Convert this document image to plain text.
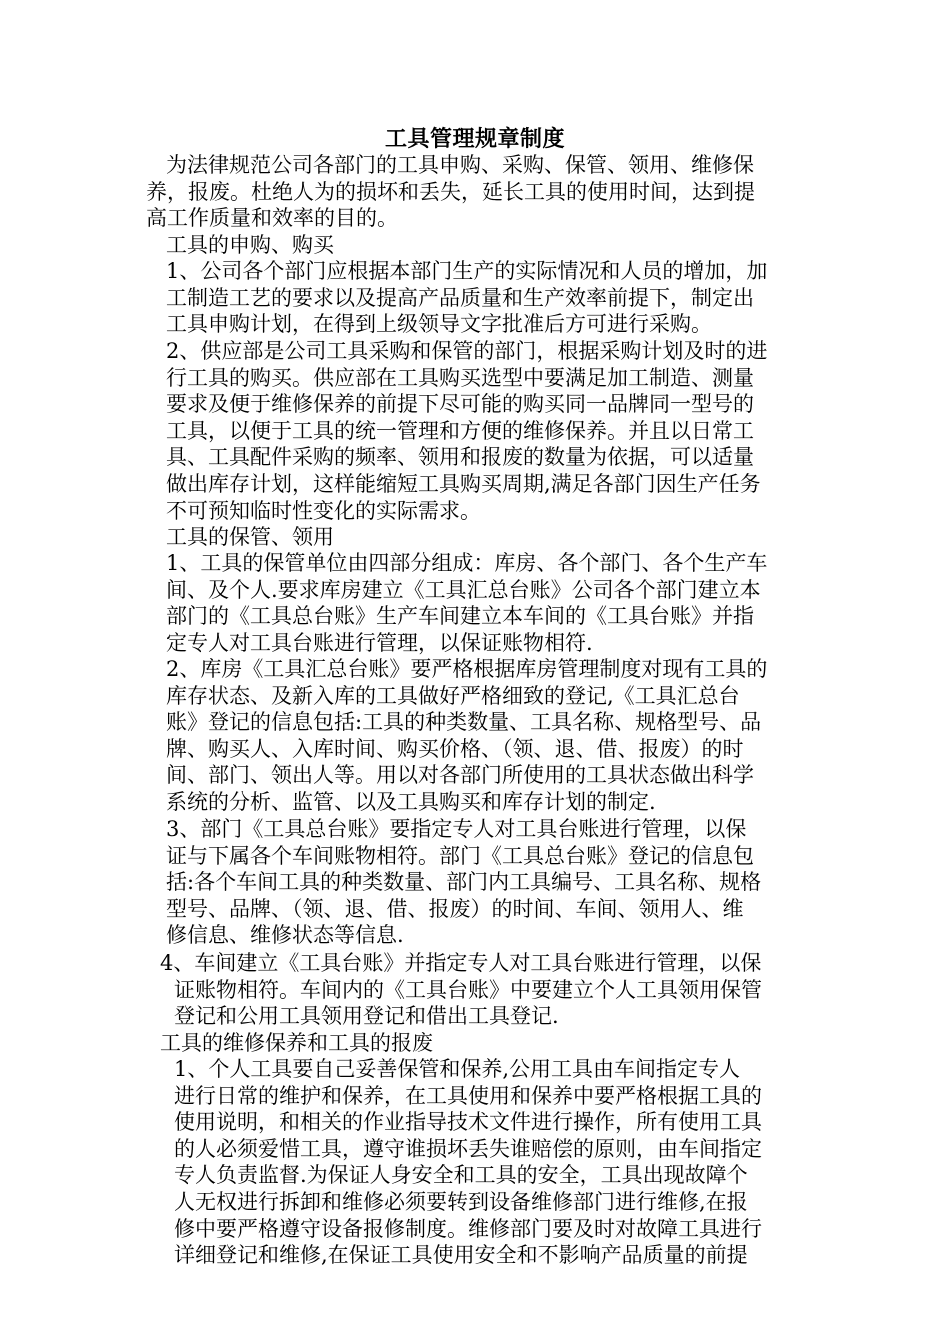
工具管理规章制度
为法律规范公司各部门的工具申购、采购、保管、领用、维修保
养，报废。杜绝人为的损坏和丢失，延长工具的使用时间，达到提
高工作质量和效率的目的。
工具的申购、购买
1、公司各个部门应根据本部门生产的实际情况和人员的增加，加
工制造工艺的要求以及提高产品质量和生产效率前提下，制定出
工具申购计划，在得到上级领导文字批准后方可进行采购。
2、供应部是公司工具采购和保管的部门，根据采购计划及时的进
行工具的购买。供应部在工具购买选型中要满足加工制造、测量
要求及便于维修保养的前提下尽可能的购买同一品牌同一型号的
工具，以便于工具的统一管理和方便的维修保养。并且以日常工
具、工具配件采购的频率、领用和报废的数量为依据，可以适量
做出库存计划，这样能缩短工具购买周期,满足各部门因生产任务
不可预知临时性变化的实际需求。
工具的保管、领用
1、工具的保管单位由四部分组成：库房、各个部门、各个生产车
间、及个人.要求库房建立《工具汇总台账》公司各个部门建立本
部门的《工具总台账》生产车间建立本车间的《工具台账》并指
定专人对工具台账进行管理，以保证账物相符.
2、库房《工具汇总台账》要严格根据库房管理制度对现有工具的
库存状态、及新入库的工具做好严格细致的登记,《工具汇总台
账》登记的信息包括:工具的种类数量、工具名称、规格型号、品
牌、购买人、入库时间、购买价格、（领、退、借、报废）的时
间、部门、领出人等。用以对各部门所使用的工具状态做出科学
系统的分析、监管、以及工具购买和库存计划的制定.
3、部门《工具总台账》要指定专人对工具台账进行管理，以保
证与下属各个车间账物相符。部门《工具总台账》登记的信息包
括:各个车间工具的种类数量、部门内工具编号、工具名称、规格
型号、品牌、（领、退、借、报废）的时间、车间、领用人、维
修信息、维修状态等信息.
4、车间建立《工具台账》并指定专人对工具台账进行管理，以保
证账物相符。车间内的《工具台账》中要建立个人工具领用保管
登记和公用工具领用登记和借出工具登记.
工具的维修保养和工具的报废
1、个人工具要自己妥善保管和保养,公用工具由车间指定专人
进行日常的维护和保养，在工具使用和保养中要严格根据工具的
使用说明，和相关的作业指导技术文件进行操作，所有使用工具
的人必须爱惜工具，遵守谁损坏丢失谁赔偿的原则，由车间指定
专人负责监督.为保证人身安全和工具的安全，工具出现故障个
人无权进行拆卸和维修必须要转到设备维修部门进行维修,在报
修中要严格遵守设备报修制度。维修部门要及时对故障工具进行
详细登记和维修,在保证工具使用安全和不影响产品质量的前提
